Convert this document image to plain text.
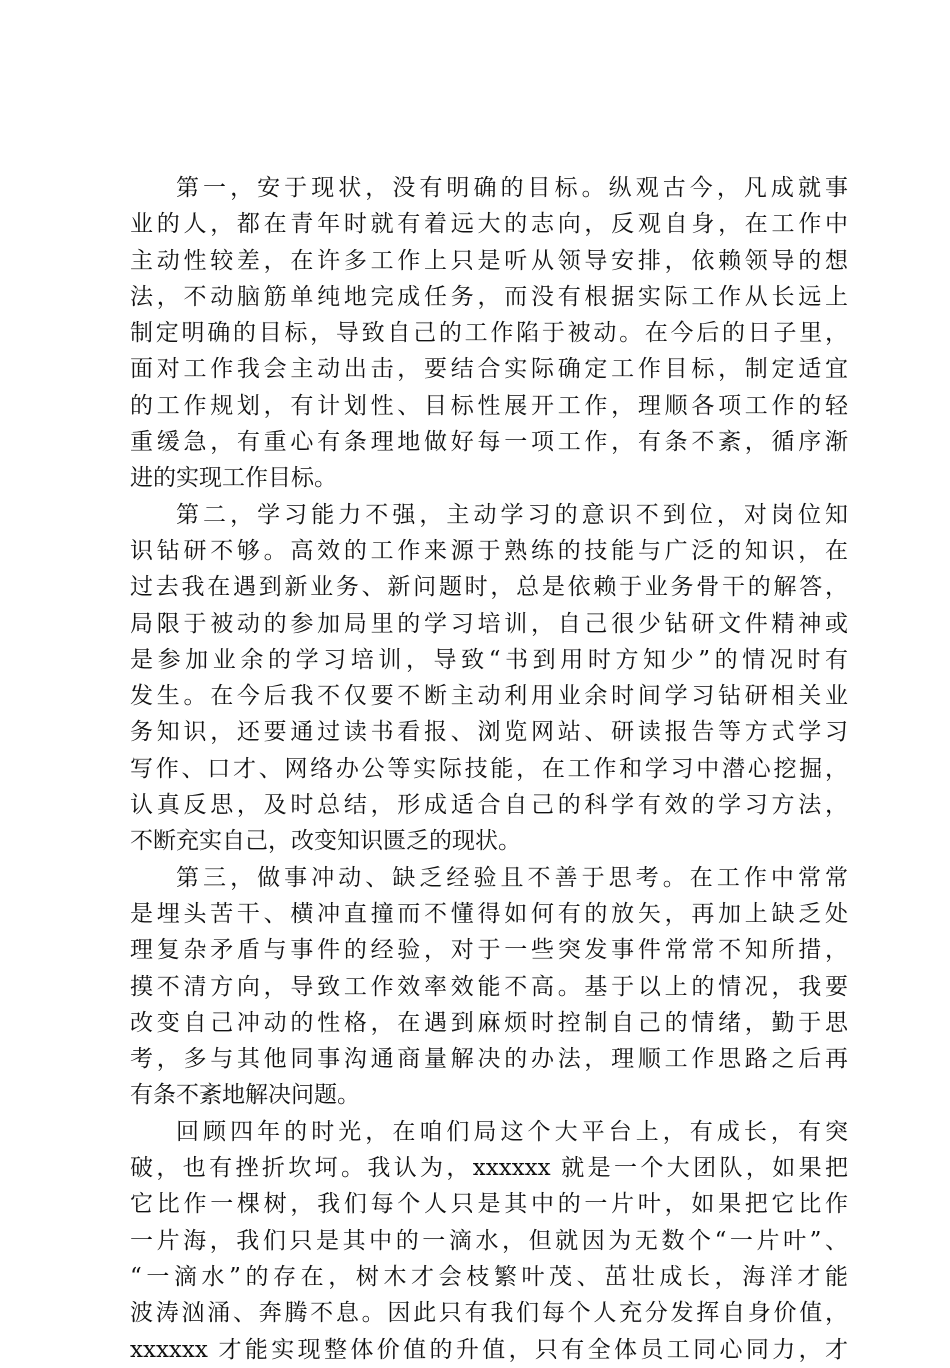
第一，安于现状，没有明确的目标。纵观古今，凡成就事
业的人，都在青年时就有着远大的志向，反观自身，在工作中
主动性较差，在许多工作上只是听从领导安排，依赖领导的想
法，不动脑筋单纯地完成任务，而没有根据实际工作从长远上
制定明确的目标，导致自己的工作陷于被动。在今后的日子里，
面对工作我会主动出击，要结合实际确定工作目标，制定适宜
的工作规划，有计划性、目标性展开工作，理顺各项工作的轻
重缓急，有重心有条理地做好每一项工作，有条不紊，循序渐
进的实现工作目标。
第二，学习能力不强，主动学习的意识不到位，对岗位知
识钻研不够。高效的工作来源于熟练的技能与广泛的知识，在
过去我在遇到新业务、新问题时，总是依赖于业务骨干的解答，
局限于被动的参加局里的学习培训，自己很少钻研文件精神或
是参加业余的学习培训，导致“书到用时方知少”的情况时有
发生。在今后我不仅要不断主动利用业余时间学习钻研相关业
务知识，还要通过读书看报、浏览网站、研读报告等方式学习
写作、口才、网络办公等实际技能，在工作和学习中潜心挖掘，
认真反思，及时总结，形成适合自己的科学有效的学习方法，
不断充实自己，改变知识匮乏的现状。
第三，做事冲动、缺乏经验且不善于思考。在工作中常常
是埋头苦干、横冲直撞而不懂得如何有的放矢，再加上缺乏处
理复杂矛盾与事件的经验，对于一些突发事件常常不知所措，
摸不清方向，导致工作效率效能不高。基于以上的情况，我要
改变自己冲动的性格，在遇到麻烦时控制自己的情绪，勤于思
考，多与其他同事沟通商量解决的办法，理顺工作思路之后再
有条不紊地解决问题。
回顾四年的时光，在咱们局这个大平台上，有成长，有突
破，也有挫折坎坷。我认为，xxxxxx 就是一个大团队，如果把
它比作一棵树，我们每个人只是其中的一片叶，如果把它比作
一片海，我们只是其中的一滴水，但就因为无数个“一片叶”、
“一滴水”的存在，树木才会枝繁叶茂、茁壮成长，海洋才能
波涛汹涌、奔腾不息。因此只有我们每个人充分发挥自身价值，
xxxxxx 才能实现整体价值的升值，只有全体员工同心同力，才
